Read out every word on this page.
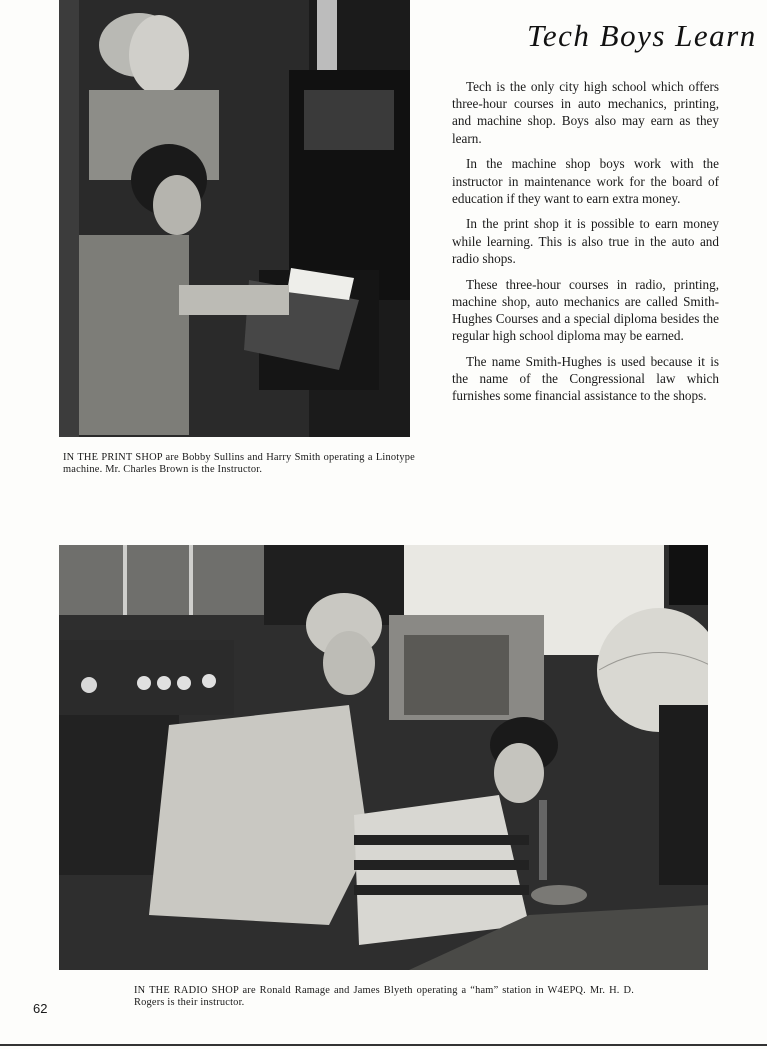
Tech Boys Learn

Tech is the only city high school which offers three-hour courses in auto mechanics, printing, and machine shop. Boys also may earn as they learn.

In the machine shop boys work with the instructor in maintenance work for the board of education if they want to earn extra money.

In the print shop it is possible to earn money while learning. This is also true in the auto and radio shops.

These three-hour courses in radio, printing, machine shop, auto mechanics are called Smith-Hughes Courses and a special diploma besides the regular high school diploma may be earned.

The name Smith-Hughes is used because it is the name of the Congressional law which furnishes some financial assistance to the shops.

IN THE PRINT SHOP are Bobby Sullins and Harry Smith operating a Linotype machine. Mr. Charles Brown is the Instructor.
IN THE RADIO SHOP are Ronald Ramage and James Blyeth operating a “ham” station in W4EPQ. Mr. H. D. Rogers is their instructor.
62
